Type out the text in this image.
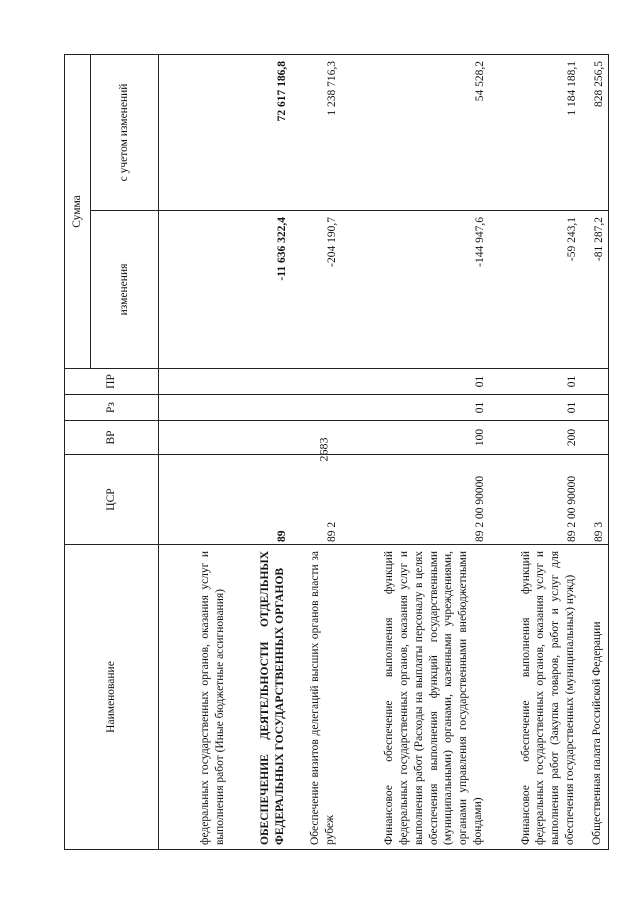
2683
Наименование	ЦСР	ВР	Рз	ПР	Сумма	
					изменения	с учетом изменений
федеральных государственных органов, оказания услуг и выполнения работ (Иные бюджетные ассигнования)						
ОБЕСПЕЧЕНИЕ ДЕЯТЕЛЬНОСТИ ОТДЕЛЬНЫХ ФЕДЕРАЛЬНЫХ ГОСУДАРСТВЕННЫХ ОРГАНОВ	89				-11 636 322,4	72 617 186,8
Обеспечение визитов делегаций высших органов власти за рубеж	89 2				-204 190,7	1 238 716,3
Финансовое обеспечение выполнения функций федеральных государственных органов, оказания услуг и выполнения работ (Расходы на выплаты персоналу в целях обеспечения выполнения функций государственными (муниципальными) органами, казенными учреждениями, органами управления государственными внебюджетными фондами)	89 2 00 90000	100	01	01	-144 947,6	54 528,2
Финансовое обеспечение выполнения функций федеральных государственных органов, оказания услуг и выполнения работ (Закупка товаров, работ и услуг для обеспечения государственных (муниципальных) нужд)	89 2 00 90000	200	01	01	-59 243,1	1 184 188,1
Общественная палата Российской Федерации	89 3				-81 287,2	828 256,5
